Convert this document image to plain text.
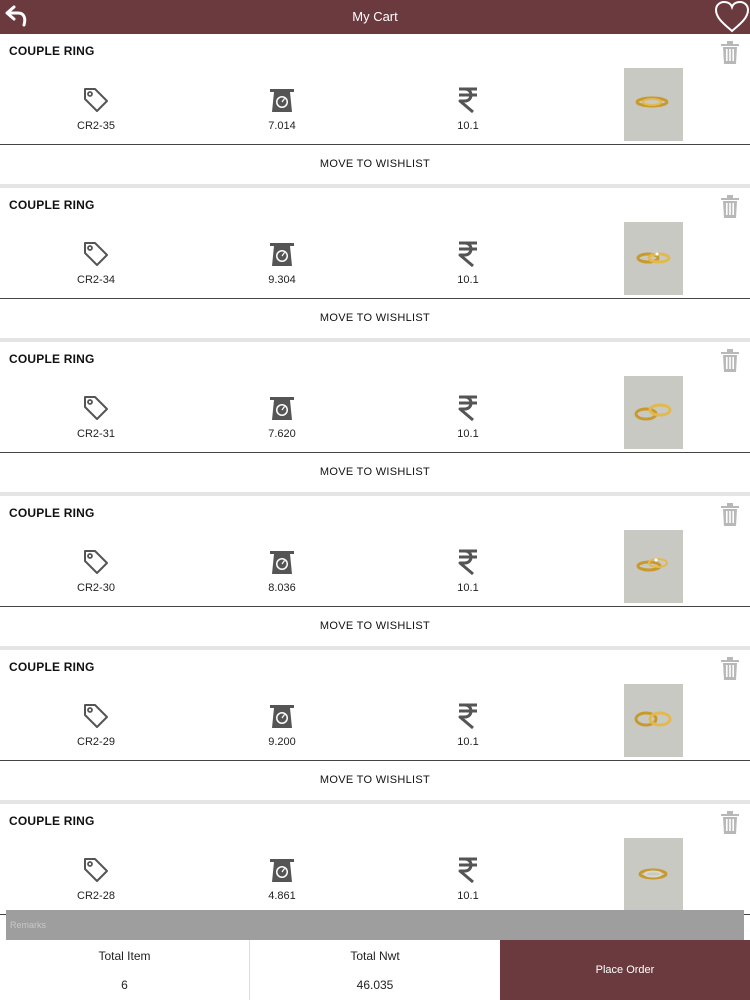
My Cart
COUPLE RING
CR2-35	7.014	10.1
MOVE TO WISHLIST
COUPLE RING
CR2-34	9.304	10.1
MOVE TO WISHLIST
COUPLE RING
CR2-31	7.620	10.1
MOVE TO WISHLIST
COUPLE RING
CR2-30	8.036	10.1
MOVE TO WISHLIST
COUPLE RING
CR2-29	9.200	10.1
MOVE TO WISHLIST
COUPLE RING
CR2-28	4.861	10.1
Remarks
Total Item
6
Total Nwt
46.035
Place Order
